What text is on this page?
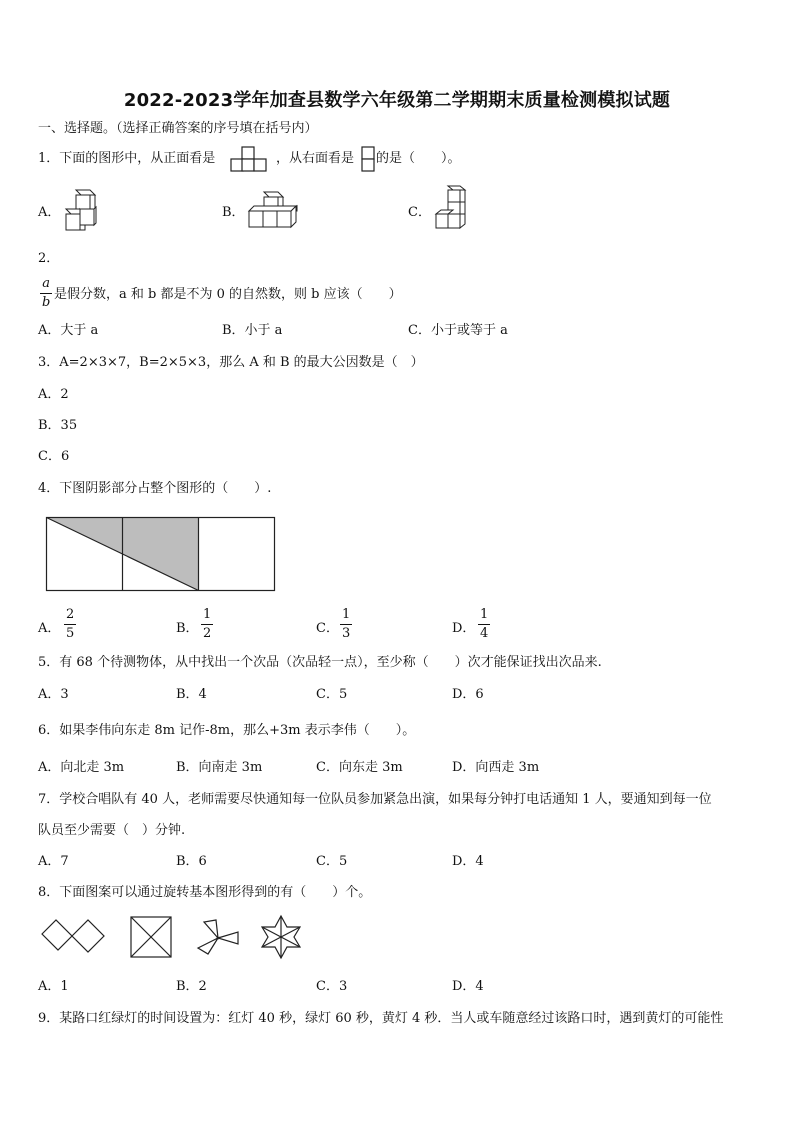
2022-2023学年加查县数学六年级第二学期期末质量检测模拟试题
一、选择题。（选择正确答案的序号填在括号内）
1．下面的图形中，从正面看是	，从右面看是 的是（　　）。
A．	B．	C．
2．
$\frac{a}{b}$ 是假分数，a 和 b 都是不为 0 的自然数，则 b 应该（　　）
A．大于 a	B．小于 a	C．小于或等于 a
3．A=2×3×7，B=2×5×3，那么 A 和 B 的最大公因数是（　）
A．2
B．35
C．6
4．下图阴影部分占整个图形的（　　）.
A． $\frac{2}{5}$	B． $\frac{1}{2}$	C． $\frac{1}{3}$	D． $\frac{1}{4}$
5．有 68 个待测物体，从中找出一个次品（次品轻一点），至少称（　　）次才能保证找出次品来.
A．3	B．4	C．5	D．6
6．如果李伟向东走 8m 记作-8m，那么+3m 表示李伟（　　）。
A．向北走 3m	B．向南走 3m	C．向东走 3m	D．向西走 3m
7．学校合唱队有 40 人，老师需要尽快通知每一位队员参加紧急出演，如果每分钟打电话通知 1 人，要通知到每一位
队员至少需要（　）分钟.
A．7	B．6	C．5	D．4
8．下面图案可以通过旋转基本图形得到的有（　　）个。
A．1	B．2	C．3	D．4
9．某路口红绿灯的时间设置为：红灯 40 秒，绿灯 60 秒，黄灯 4 秒．当人或车随意经过该路口时，遇到黄灯的可能性
